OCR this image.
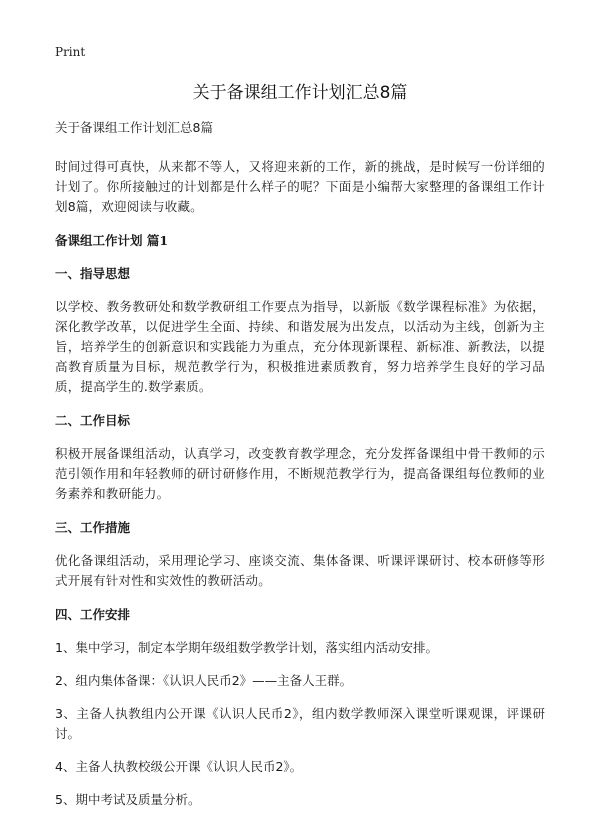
Print
关于备课组工作计划汇总8篇
关于备课组工作计划汇总8篇

时间过得可真快，从来都不等人，又将迎来新的工作，新的挑战，是时候写一份详细的计划了。你所接触过的计划都是什么样子的呢？下面是小编帮大家整理的备课组工作计划8篇，欢迎阅读与收藏。

备课组工作计划 篇1
一、指导思想

以学校、教务教研处和数学教研组工作要点为指导，以新版《数学课程标准》为依据，深化教学改革，以促进学生全面、持续、和谐发展为出发点，以活动为主线，创新为主旨，培养学生的创新意识和实践能力为重点，充分体现新课程、新标准、新教法，以提高教育质量为目标，规范教学行为，积极推进素质教育，努力培养学生良好的学习品质，提高学生的.数学素质。

二、工作目标

积极开展备课组活动，认真学习，改变教育教学理念，充分发挥备课组中骨干教师的示范引领作用和年轻教师的研讨研修作用，不断规范教学行为，提高备课组每位教师的业务素养和教研能力。

三、工作措施

优化备课组活动，采用理论学习、座谈交流、集体备课、听课评课研讨、校本研修等形式开展有针对性和实效性的教研活动。

四、工作安排

1、集中学习，制定本学期年级组数学教学计划，落实组内活动安排。

2、组内集体备课：《认识人民币2》——主备人王群。

3、主备人执教组内公开课《认识人民币2》，组内数学教师深入课堂听课观课，评课研讨。

4、主备人执教校级公开课《认识人民币2》。

5、期中考试及质量分析。
